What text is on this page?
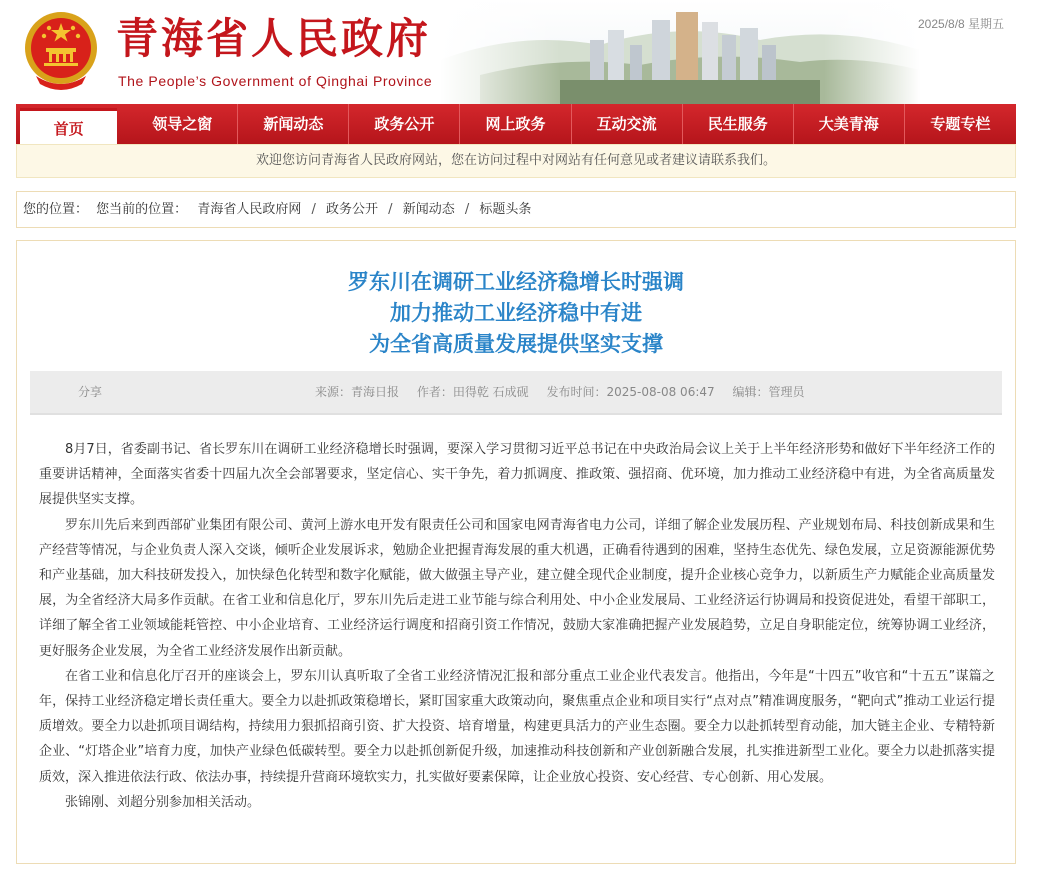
青海省人民政府
The People’s Government of Qinghai Province
2025/8/8 星期五
首页	领导之窗	新闻动态	政务公开	网上政务	互动交流	民生服务	大美青海	专题专栏
欢迎您访问青海省人民政府网站，您在访问过程中对网站有任何意见或者建议请联系我们。
您的位置： 您当前的位置： 青海省人民政府网 / 政务公开 / 新闻动态 / 标题头条
罗东川在调研工业经济稳增长时强调
加力推动工业经济稳中有进
为全省高质量发展提供坚实支撑
分享	来源：青海日报 作者：田得乾 石成砚 发布时间：2025-08-08 06:47 编辑：管理员

8月7日，省委副书记、省长罗东川在调研工业经济稳增长时强调，要深入学习贯彻习近平总书记在中央政治局会议上关于上半年经济形势和做好下半年经济工作的重要讲话精神，全面落实省委十四届九次全会部署要求，坚定信心、实干争先，着力抓调度、推政策、强招商、优环境，加力推动工业经济稳中有进，为全省高质量发展提供坚实支撑。

罗东川先后来到西部矿业集团有限公司、黄河上游水电开发有限责任公司和国家电网青海省电力公司，详细了解企业发展历程、产业规划布局、科技创新成果和生产经营等情况，与企业负责人深入交谈，倾听企业发展诉求，勉励企业把握青海发展的重大机遇，正确看待遇到的困难，坚持生态优先、绿色发展，立足资源能源优势和产业基础，加大科技研发投入，加快绿色化转型和数字化赋能，做大做强主导产业，建立健全现代企业制度，提升企业核心竞争力，以新质生产力赋能企业高质量发展，为全省经济大局多作贡献。在省工业和信息化厅，罗东川先后走进工业节能与综合利用处、中小企业发展局、工业经济运行协调局和投资促进处，看望干部职工，详细了解全省工业领域能耗管控、中小企业培育、工业经济运行调度和招商引资工作情况，鼓励大家准确把握产业发展趋势，立足自身职能定位，统筹协调工业经济，更好服务企业发展，为全省工业经济发展作出新贡献。

在省工业和信息化厅召开的座谈会上，罗东川认真听取了全省工业经济情况汇报和部分重点工业企业代表发言。他指出，今年是“十四五”收官和“十五五”谋篇之年，保持工业经济稳定增长责任重大。要全力以赴抓政策稳增长，紧盯国家重大政策动向，聚焦重点企业和项目实行“点对点”精准调度服务，“靶向式”推动工业运行提质增效。要全力以赴抓项目调结构，持续用力狠抓招商引资、扩大投资、培育增量，构建更具活力的产业生态圈。要全力以赴抓转型育动能，加大链主企业、专精特新企业、“灯塔企业”培育力度，加快产业绿色低碳转型。要全力以赴抓创新促升级，加速推动科技创新和产业创新融合发展，扎实推进新型工业化。要全力以赴抓落实提质效，深入推进依法行政、依法办事，持续提升营商环境软实力，扎实做好要素保障，让企业放心投资、安心经营、专心创新、用心发展。

张锦刚、刘超分别参加相关活动。
